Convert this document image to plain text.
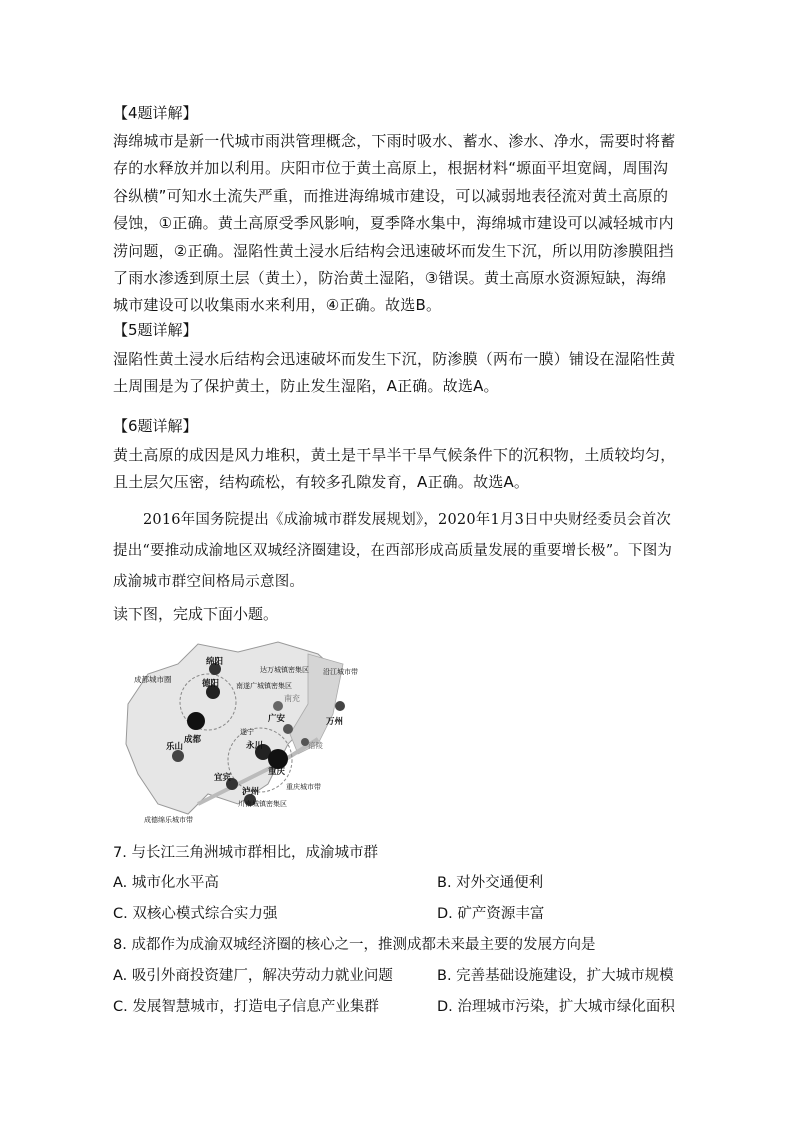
【4题详解】
海绵城市是新一代城市雨洪管理概念，下雨时吸水、蓄水、渗水、净水，需要时将蓄存的水释放并加以利用。庆阳市位于黄土高原上，根据材料“塬面平坦宽阔，周围沟谷纵横”可知水土流失严重，而推进海绵城市建设，可以减弱地表径流对黄土高原的侵蚀，①正确。黄土高原受季风影响，夏季降水集中，海绵城市建设可以减轻城市内涝问题，②正确。湿陷性黄土浸水后结构会迅速破坏而发生下沉，所以用防渗膜阻挡了雨水渗透到原土层（黄土），防治黄土湿陷，③错误。黄土高原水资源短缺，海绵城市建设可以收集雨水来利用，④正确。故选B。
【5题详解】
湿陷性黄土浸水后结构会迅速破坏而发生下沉，防渗膜（两布一膜）铺设在湿陷性黄土周围是为了保护黄土，防止发生湿陷，A正确。故选A。
【6题详解】
黄土高原的成因是风力堆积，黄土是干旱半干旱气候条件下的沉积物，土质较均匀，且土层欠压密，结构疏松，有较多孔隙发育，A正确。故选A。
2016年国务院提出《成渝城市群发展规划》，2020年1月3日中央财经委员会首次提出“要推动成渝地区双城经济圈建设，在西部形成高质量发展的重要增长极”。下图为成渝城市群空间格局示意图。
读下图，完成下面小题。
成都城市圈
绵阳
德阳
成都
乐山
达万城镇密集区 沿江城市带
万州
南遂广城镇密集区
南充
广安
遂宁
永川
重庆
涪陵
宜宾
泸州
川南城镇密集区
重庆城市带
成德绵乐城市带
7. 与长江三角洲城市群相比，成渝城市群
A. 城市化水平高	B. 对外交通便利
C. 双核心模式综合实力强	D. 矿产资源丰富
8. 成都作为成渝双城经济圈的核心之一，推测成都未来最主要的发展方向是
A. 吸引外商投资建厂，解决劳动力就业问题	B. 完善基础设施建设，扩大城市规模
C. 发展智慧城市，打造电子信息产业集群	D. 治理城市污染，扩大城市绿化面积
